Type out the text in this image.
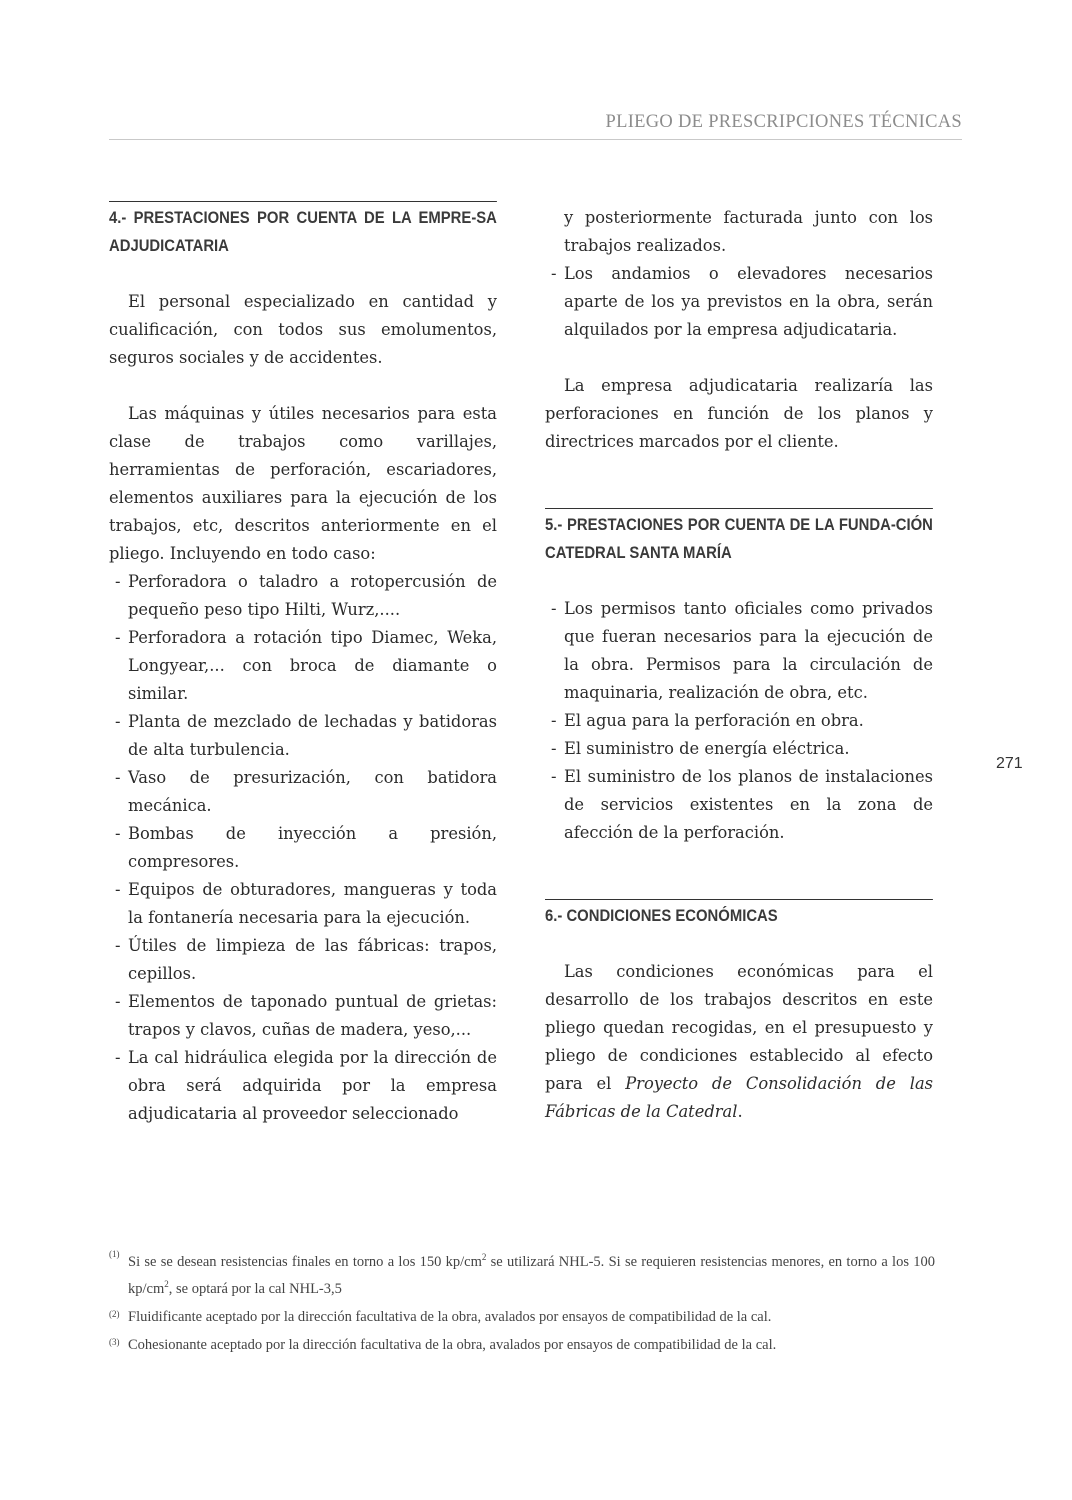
PLIEGO DE PRESCRIPCIONES TÉCNICAS
271
4.- PRESTACIONES POR CUENTA DE LA EMPRE-SA ADJUDICATARIA

El personal especializado en cantidad y cualificación, con todos sus emolumentos, seguros sociales y de accidentes.

Las máquinas y útiles necesarios para esta clase de trabajos como varillajes, herramientas de perforación, escariadores, elementos auxiliares para la ejecución de los trabajos, etc, descritos anteriormente en el pliego. Incluyendo en todo caso:

- Perforadora o taladro a rotopercusión de pequeño peso tipo Hilti, Wurz,....
- Perforadora a rotación tipo Diamec, Weka, Longyear,... con broca de diamante o similar.
- Planta de mezclado de lechadas y batidoras de alta turbulencia.
- Vaso de presurización, con batidora mecánica.
- Bombas de inyección a presión, compresores.
- Equipos de obturadores, mangueras y toda la fontanería necesaria para la ejecución.
- Útiles de limpieza de las fábricas: trapos, cepillos.
- Elementos de taponado puntual de grietas: trapos y clavos, cuñas de madera, yeso,...
- La cal hidráulica elegida por la dirección de obra será adquirida por la empresa adjudicataria al proveedor seleccionado
y posteriormente facturada junto con los trabajos realizados.
- Los andamios o elevadores necesarios aparte de los ya previstos en la obra, serán alquilados por la empresa adjudicataria.

La empresa adjudicataria realizaría las perforaciones en función de los planos y directrices marcados por el cliente.

5.- PRESTACIONES POR CUENTA DE LA FUNDA-CIÓN CATEDRAL SANTA MARÍA
- Los permisos tanto oficiales como privados que fueran necesarios para la ejecución de la obra. Permisos para la circulación de maquinaria, realización de obra, etc.
- El agua para la perforación en obra.
- El suministro de energía eléctrica.
- El suministro de los planos de instalaciones de servicios existentes en la zona de afección de la perforación.
6.- CONDICIONES ECONÓMICAS

Las condiciones económicas para el desarrollo de los trabajos descritos en este pliego quedan recogidas, en el presupuesto y pliego de condiciones establecido al efecto para el Proyecto de Consolidación de las Fábricas de la Catedral.

(1) Si se se desean resistencias finales en torno a los 150 $kp/cm^2$ se utilizará NHL-5. Si se requieren resistencias menores, en torno a los 100 $kp/cm^2$, se optará por la cal NHL-3,5
(2) Fluidificante aceptado por la dirección facultativa de la obra, avalados por ensayos de compatibilidad de la cal.
(3) Cohesionante aceptado por la dirección facultativa de la obra, avalados por ensayos de compatibilidad de la cal.
